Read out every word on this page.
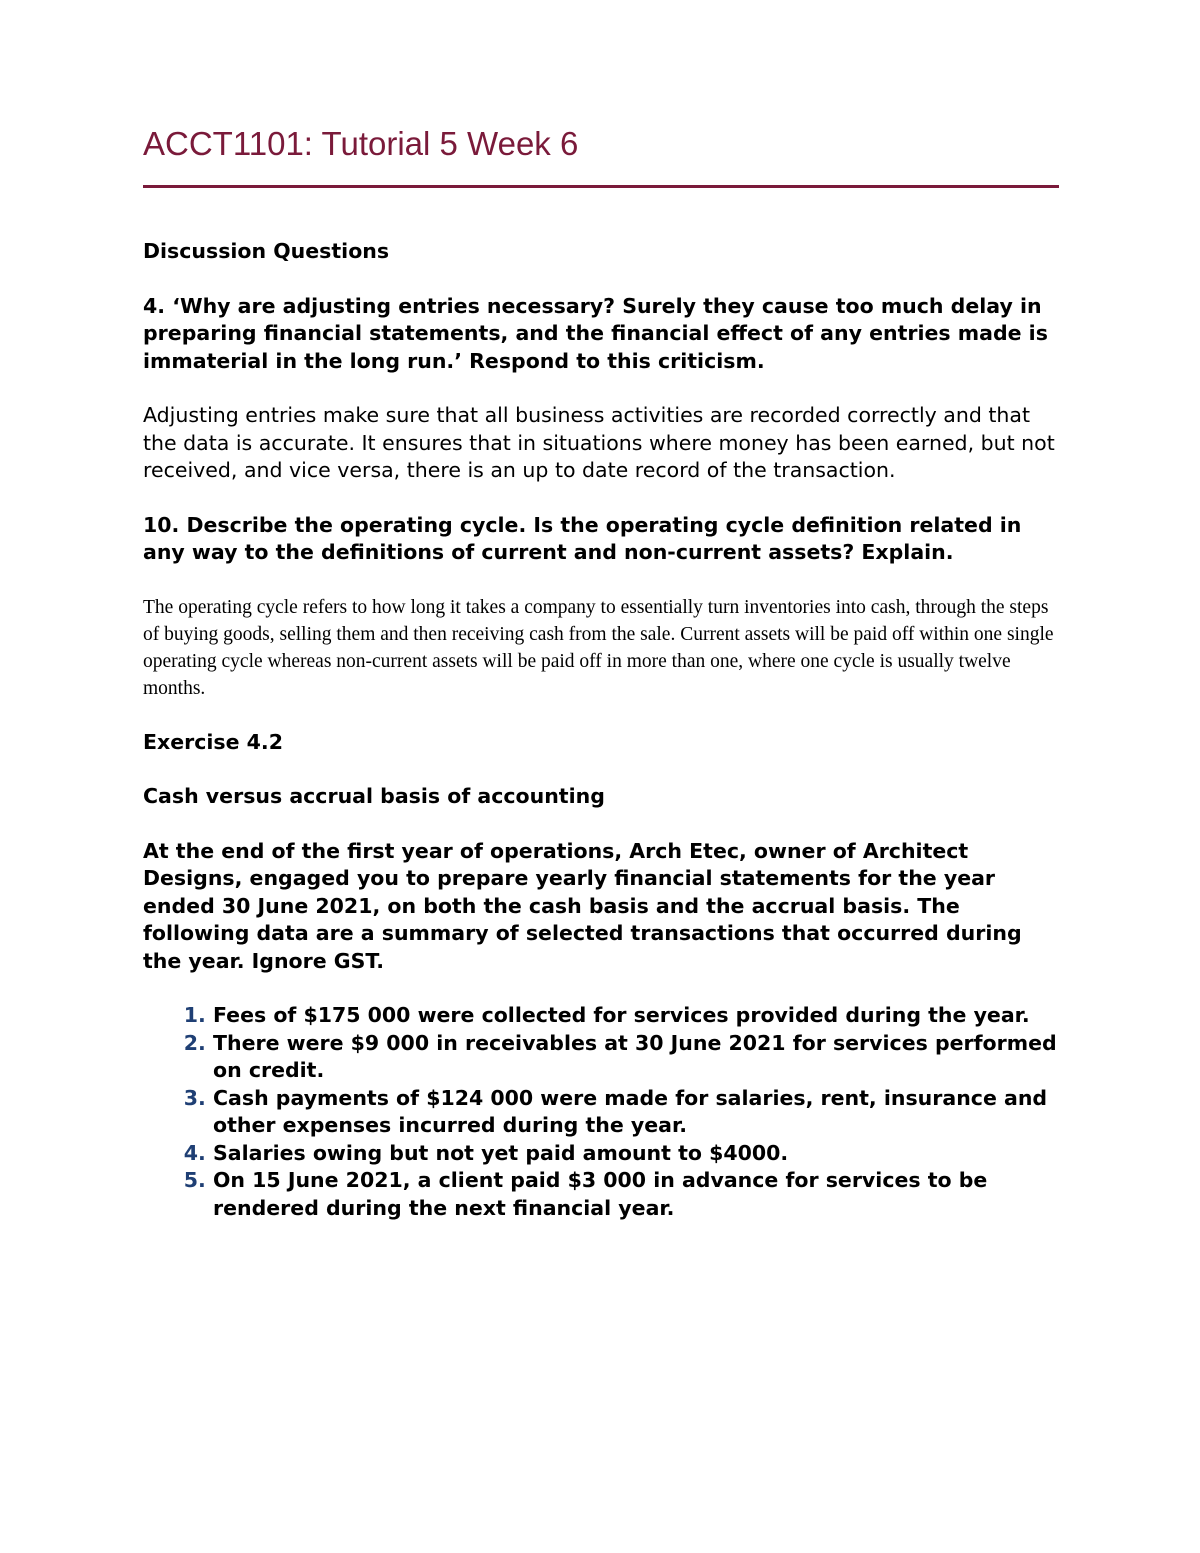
ACCT1101: Tutorial 5 Week 6

Discussion Questions

4. ‘Why are adjusting entries necessary? Surely they cause too much delay in preparing financial statements, and the financial effect of any entries made is immaterial in the long run.’ Respond to this criticism.

Adjusting entries make sure that all business activities are recorded correctly and that the data is accurate. It ensures that in situations where money has been earned, but not received, and vice versa, there is an up to date record of the transaction.

10. Describe the operating cycle. Is the operating cycle definition related in any way to the definitions of current and non-current assets? Explain.

The operating cycle refers to how long it takes a company to essentially turn inventories into cash, through the steps of buying goods, selling them and then receiving cash from the sale. Current assets will be paid off within one single operating cycle whereas non-current assets will be paid off in more than one, where one cycle is usually twelve months.

Exercise 4.2

Cash versus accrual basis of accounting

At the end of the first year of operations, Arch Etec, owner of Architect Designs, engaged you to prepare yearly financial statements for the year ended 30 June 2021, on both the cash basis and the accrual basis. The following data are a summary of selected transactions that occurred during the year. Ignore GST.

1. Fees of $175 000 were collected for services provided during the year.
2. There were $9 000 in receivables at 30 June 2021 for services performed on credit.
3. Cash payments of $124 000 were made for salaries, rent, insurance and other expenses incurred during the year.
4. Salaries owing but not yet paid amount to $4000.
5. On 15 June 2021, a client paid $3 000 in advance for services to be rendered during the next financial year.
